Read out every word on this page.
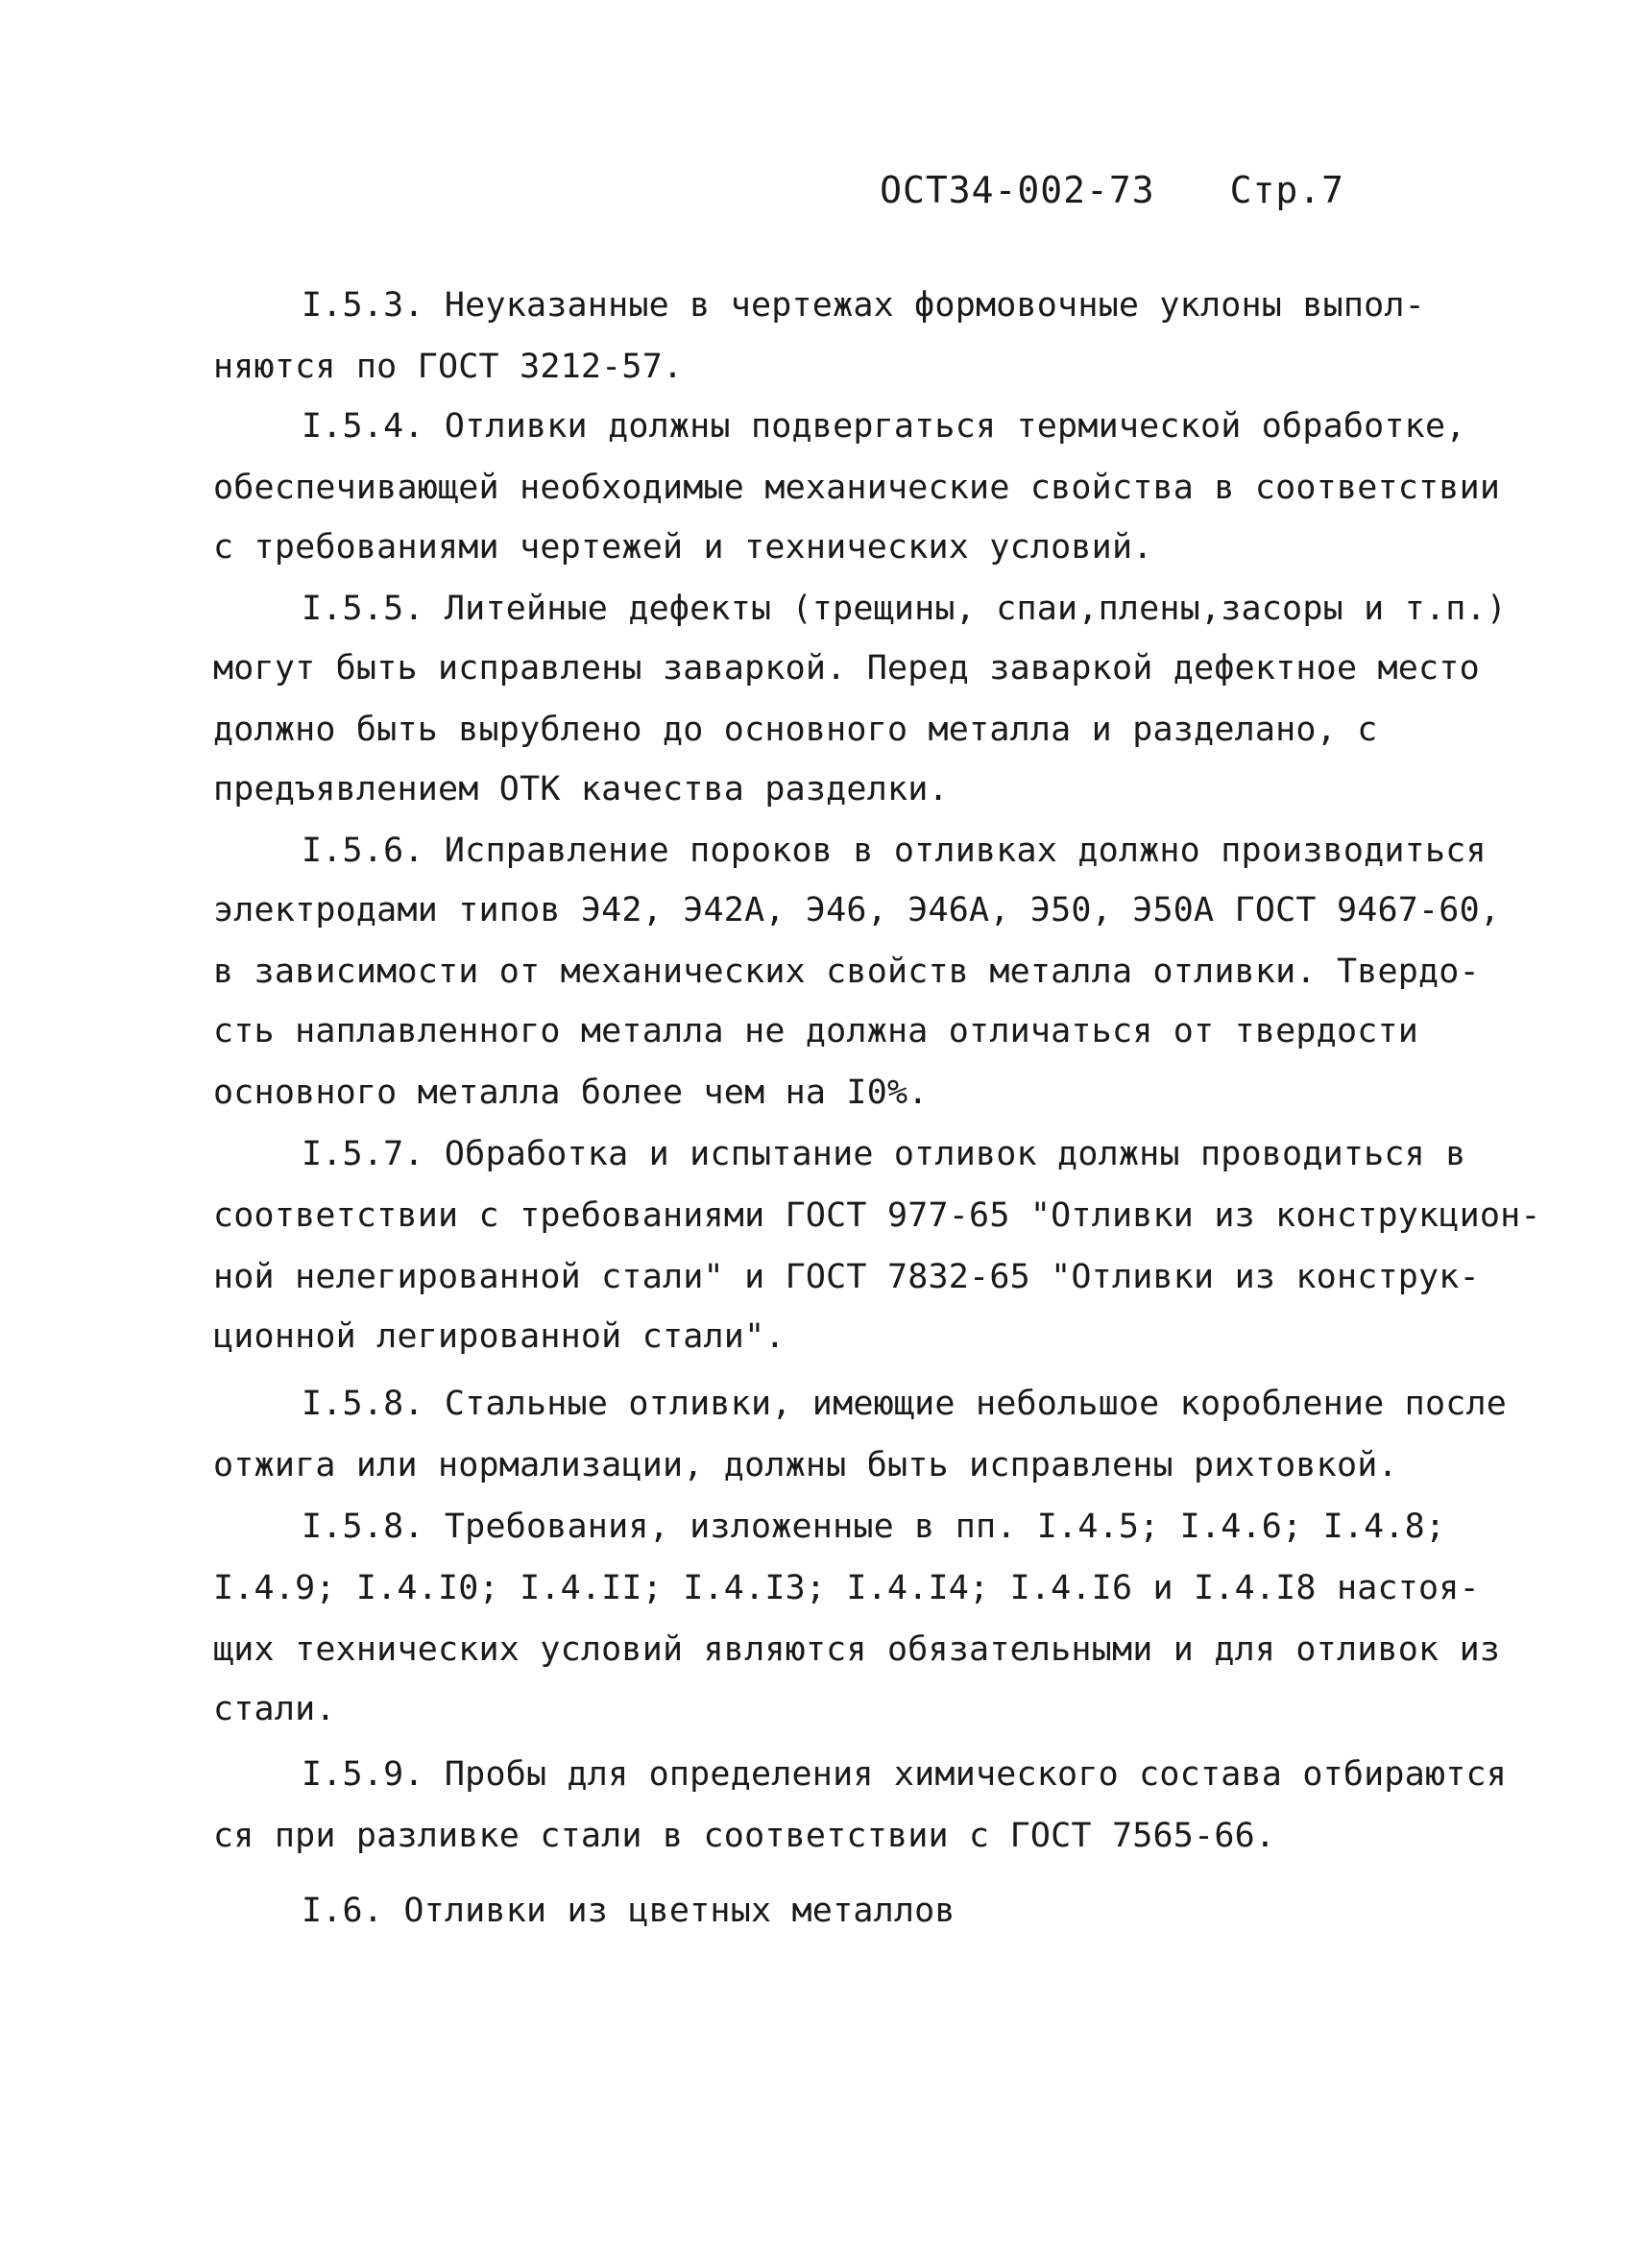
ОСТ34-002-73 Стр.7
I.5.3. Неуказанные в чертежах формовочные уклоны выпол-
няются по ГОСТ 3212-57.
I.5.4. Отливки должны подвергаться термической обработке,
обеспечивающей необходимые механические свойства в соответствии
с требованиями чертежей и технических условий.
I.5.5. Литейные дефекты (трещины, спаи,плены,засоры и т.п.)
могут быть исправлены заваркой. Перед заваркой дефектное место
должно быть вырублено до основного металла и разделано, с
предъявлением ОТК качества разделки.
I.5.6. Исправление пороков в отливках должно производиться
электродами типов Э42, Э42А, Э46, Э46А, Э50, Э50А ГОСТ 9467-60,
в зависимости от механических свойств металла отливки. Твердо-
сть наплавленного металла не должна отличаться от твердости
основного металла более чем на I0%.
I.5.7. Обработка и испытание отливок должны проводиться в
соответствии с требованиями ГОСТ 977-65 "Отливки из конструкцион-
ной нелегированной стали" и ГОСТ 7832-65 "Отливки из конструк-
ционной легированной стали".
I.5.8. Стальные отливки, имеющие небольшое коробление после
отжига или нормализации, должны быть исправлены рихтовкой.
I.5.8. Требования, изложенные в пп. I.4.5; I.4.6; I.4.8;
I.4.9; I.4.I0; I.4.II; I.4.I3; I.4.I4; I.4.I6 и I.4.I8 настоя-
щих технических условий являются обязательными и для отливок из
стали.
I.5.9. Пробы для определения химического состава отбираются
ся при разливке стали в соответствии с ГОСТ 7565-66.
I.6. Отливки из цветных металлов
